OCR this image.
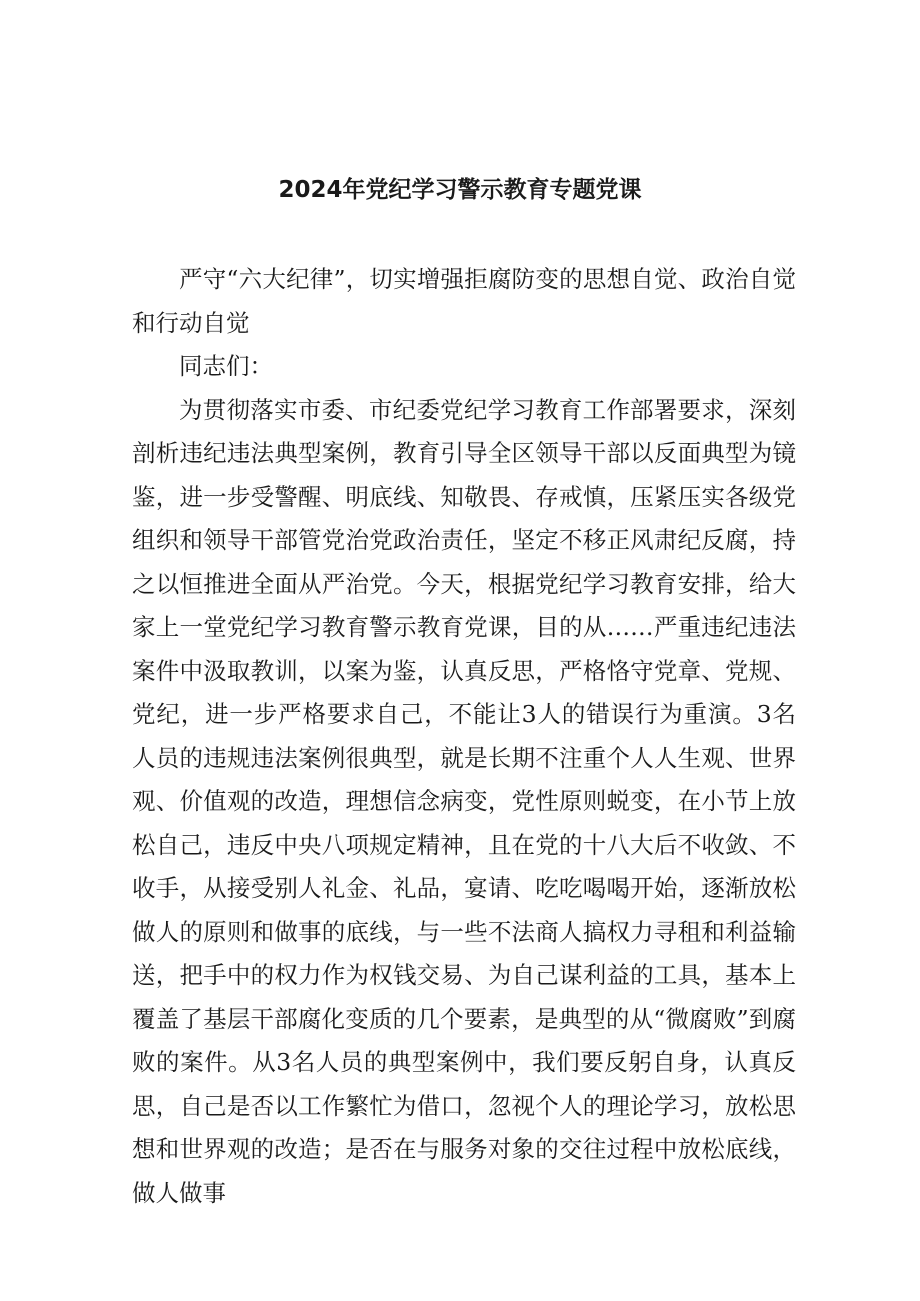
2024年党纪学习警示教育专题党课

严守“六大纪律”，切实增强拒腐防变的思想自觉、政治自觉和行动自觉

同志们：

为贯彻落实市委、市纪委党纪学习教育工作部署要求，深刻剖析违纪违法典型案例，教育引导全区领导干部以反面典型为镜鉴，进一步受警醒、明底线、知敬畏、存戒慎，压紧压实各级党组织和领导干部管党治党政治责任，坚定不移正风肃纪反腐，持之以恒推进全面从严治党。今天，根据党纪学习教育安排，给大家上一堂党纪学习教育警示教育党课，目的从……严重违纪违法案件中汲取教训，以案为鉴，认真反思，严格恪守党章、党规、党纪，进一步严格要求自己，不能让3人的错误行为重演。3名人员的违规违法案例很典型，就是长期不注重个人人生观、世界观、价值观的改造，理想信念病变，党性原则蜕变，在小节上放松自己，违反中央八项规定精神，且在党的十八大后不收敛、不收手，从接受别人礼金、礼品，宴请、吃吃喝喝开始，逐渐放松做人的原则和做事的底线，与一些不法商人搞权力寻租和利益输送，把手中的权力作为权钱交易、为自己谋利益的工具，基本上覆盖了基层干部腐化变质的几个要素，是典型的从“微腐败”到腐败的案件。从3名人员的典型案例中，我们要反躬自身，认真反思，自己是否以工作繁忙为借口，忽视个人的理论学习，放松思想和世界观的改造；是否在与服务对象的交往过程中放松底线，做人做事
